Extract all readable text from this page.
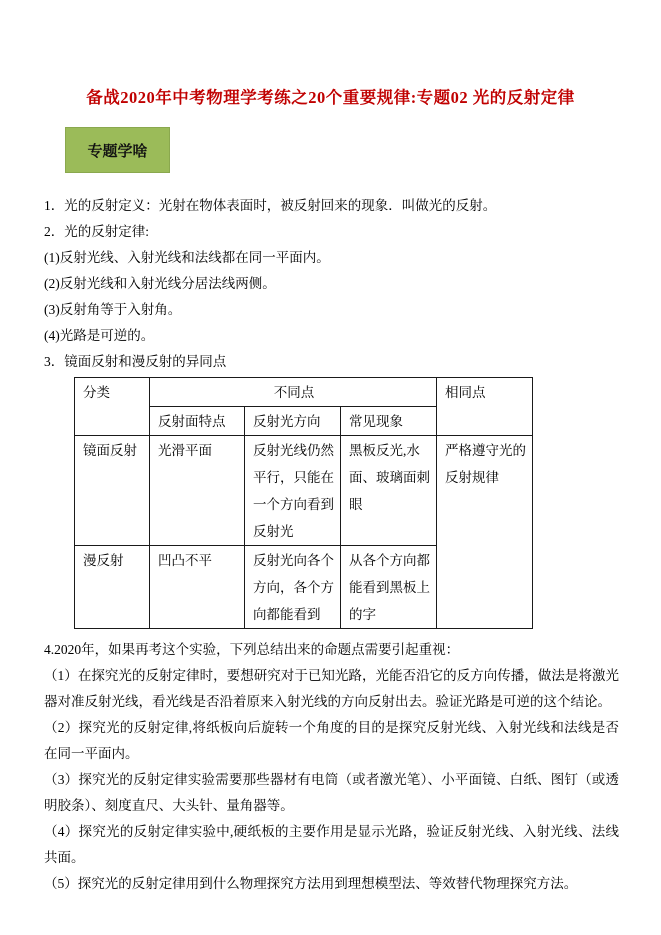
备战2020年中考物理学考练之20个重要规律:专题02 光的反射定律
专题学啥

1．光的反射定义：光射在物体表面时，被反射回来的现象．叫做光的反射。

2．光的反射定律:

(1)反射光线、入射光线和法线都在同一平面内。

(2)反射光线和入射光线分居法线两侧。

(3)反射角等于入射角。

(4)光路是可逆的。

3．镜面反射和漫反射的异同点

分类	不同点			相同点
	反射面特点	反射光方向	常见现象	
镜面反射	光滑平面	反射光线仍然平行，只能在一个方向看到反射光	黑板反光,水面、玻璃面刺眼	严格遵守光的反射规律
漫反射	凹凸不平	反射光向各个方向，各个方向都能看到	从各个方向都能看到黑板上的字	

4.2020年，如果再考这个实验，下列总结出来的命题点需要引起重视：

（1）在探究光的反射定律时，要想研究对于已知光路，光能否沿它的反方向传播，做法是将激光器对准反射光线，看光线是否沿着原来入射光线的方向反射出去。验证光路是可逆的这个结论。

（2）探究光的反射定律,将纸板向后旋转一个角度的目的是探究反射光线、入射光线和法线是否在同一平面内。

（3）探究光的反射定律实验需要那些器材有电筒（或者激光笔）、小平面镜、白纸、图钉（或透明胶条）、刻度直尺、大头针、量角器等。

（4）探究光的反射定律实验中,硬纸板的主要作用是显示光路，验证反射光线、入射光线、法线共面。

（5）探究光的反射定律用到什么物理探究方法用到理想模型法、等效替代物理探究方法。
